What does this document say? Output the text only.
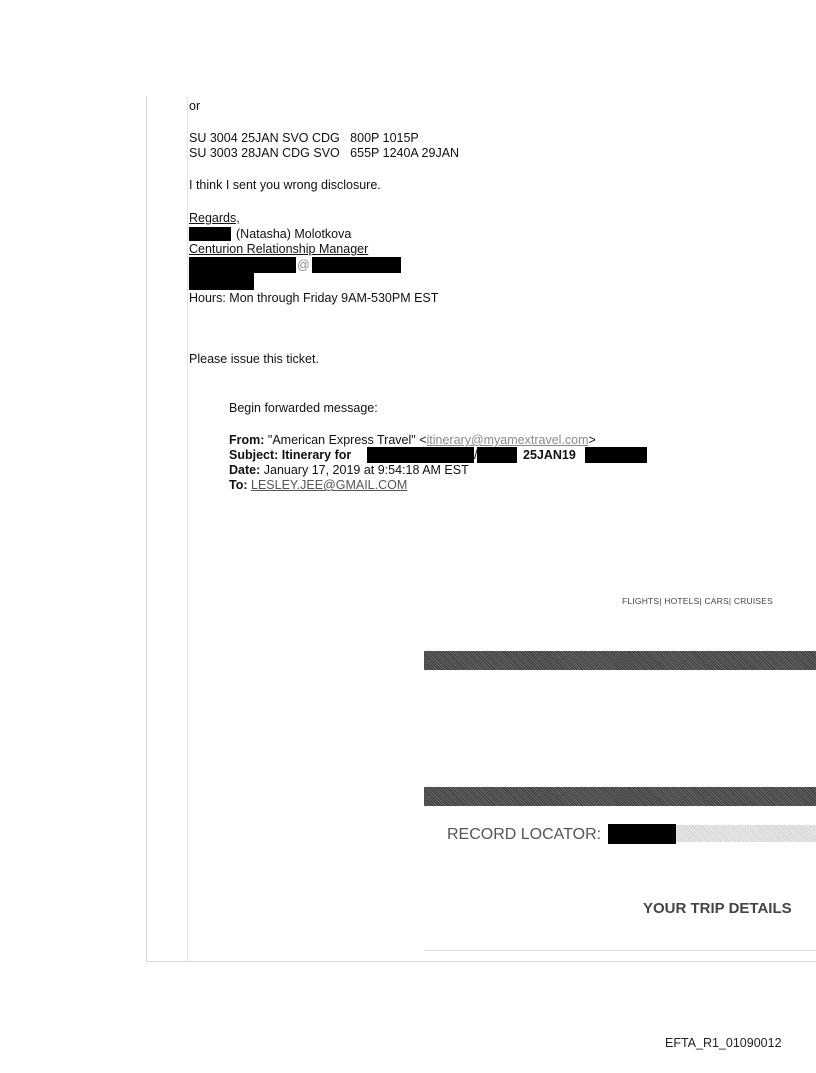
or
SU 3004 25JAN SVO CDG   800P 1015P
SU 3003 28JAN CDG SVO   655P 1240A 29JAN
I think I sent you wrong disclosure.
Regards,
(Natasha) Molotkova
Centurion Relationship Manager
@
Hours: Mon through Friday 9AM-530PM EST
Please issue this ticket.
Begin forwarded message:
From: "American Express Travel" <itinerary@myamextravel.com>
Subject: Itinerary for	/	25JAN19
Date: January 17, 2019 at 9:54:18 AM EST
To: LESLEY.JEE@GMAIL.COM
FLIGHTS| HOTELS| CARS| CRUISES
RECORD LOCATOR:
YOUR TRIP DETAILS
EFTA_R1_01090012
